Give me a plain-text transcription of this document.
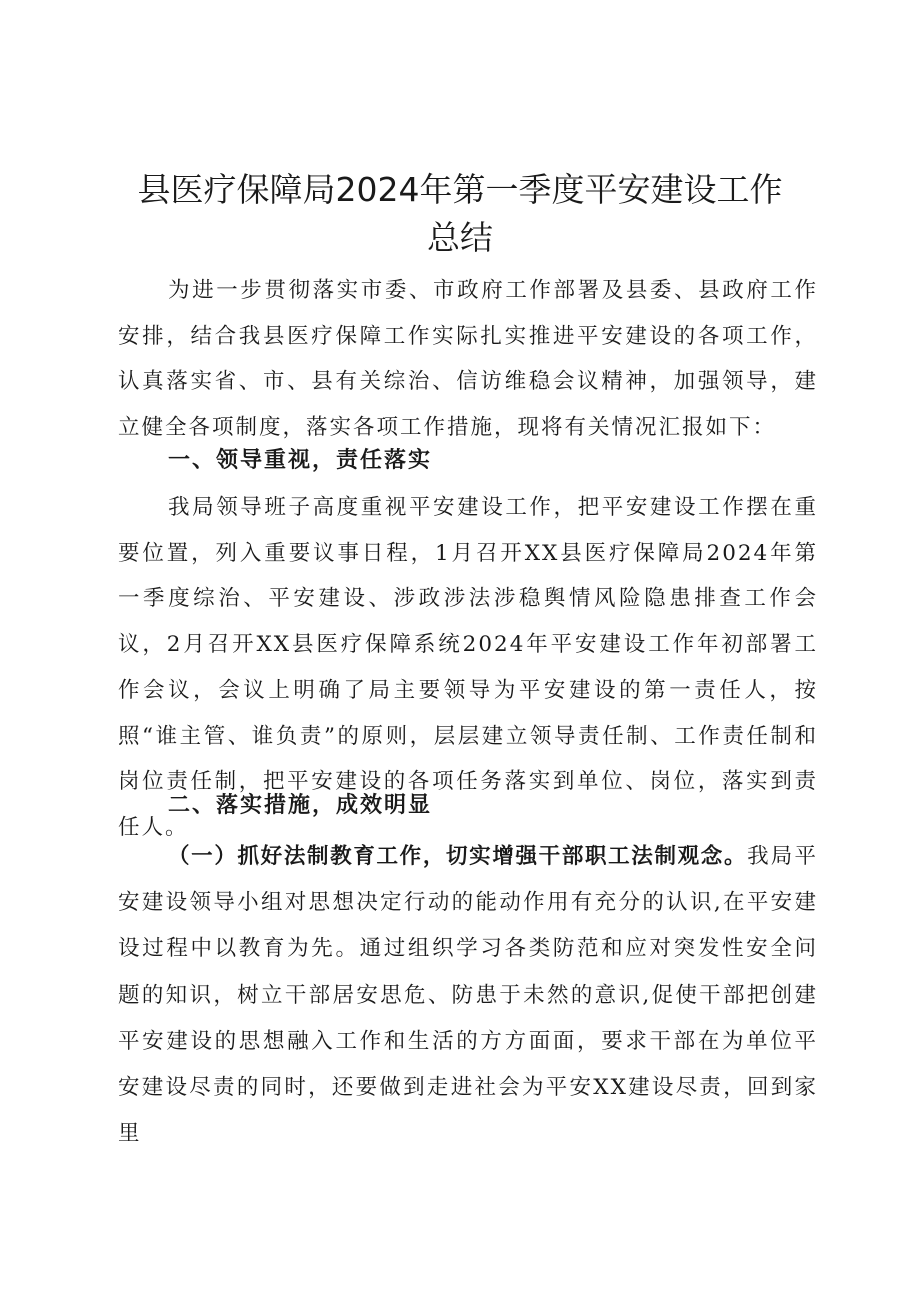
县医疗保障局2024年第一季度平安建设工作
总结

为进一步贯彻落实市委、市政府工作部署及县委、县政府工作安排，结合我县医疗保障工作实际扎实推进平安建设的各项工作，认真落实省、市、县有关综治、信访维稳会议精神，加强领导，建立健全各项制度，落实各项工作措施，现将有关情况汇报如下：

一、领导重视，责任落实

我局领导班子高度重视平安建设工作，把平安建设工作摆在重要位置，列入重要议事日程，1月召开XX县医疗保障局2024年第一季度综治、平安建设、涉政涉法涉稳舆情风险隐患排查工作会议，2月召开XX县医疗保障系统2024年平安建设工作年初部署工作会议，会议上明确了局主要领导为平安建设的第一责任人，按照“谁主管、谁负责”的原则，层层建立领导责任制、工作责任制和岗位责任制，把平安建设的各项任务落实到单位、岗位，落实到责任人。

二、落实措施，成效明显

（一）抓好法制教育工作，切实增强干部职工法制观念。我局平安建设领导小组对思想决定行动的能动作用有充分的认识,在平安建设过程中以教育为先。通过组织学习各类防范和应对突发性安全问题的知识，树立干部居安思危、防患于未然的意识,促使干部把创建平安建设的思想融入工作和生活的方方面面，要求干部在为单位平安建设尽责的同时，还要做到走进社会为平安XX建设尽责，回到家里
